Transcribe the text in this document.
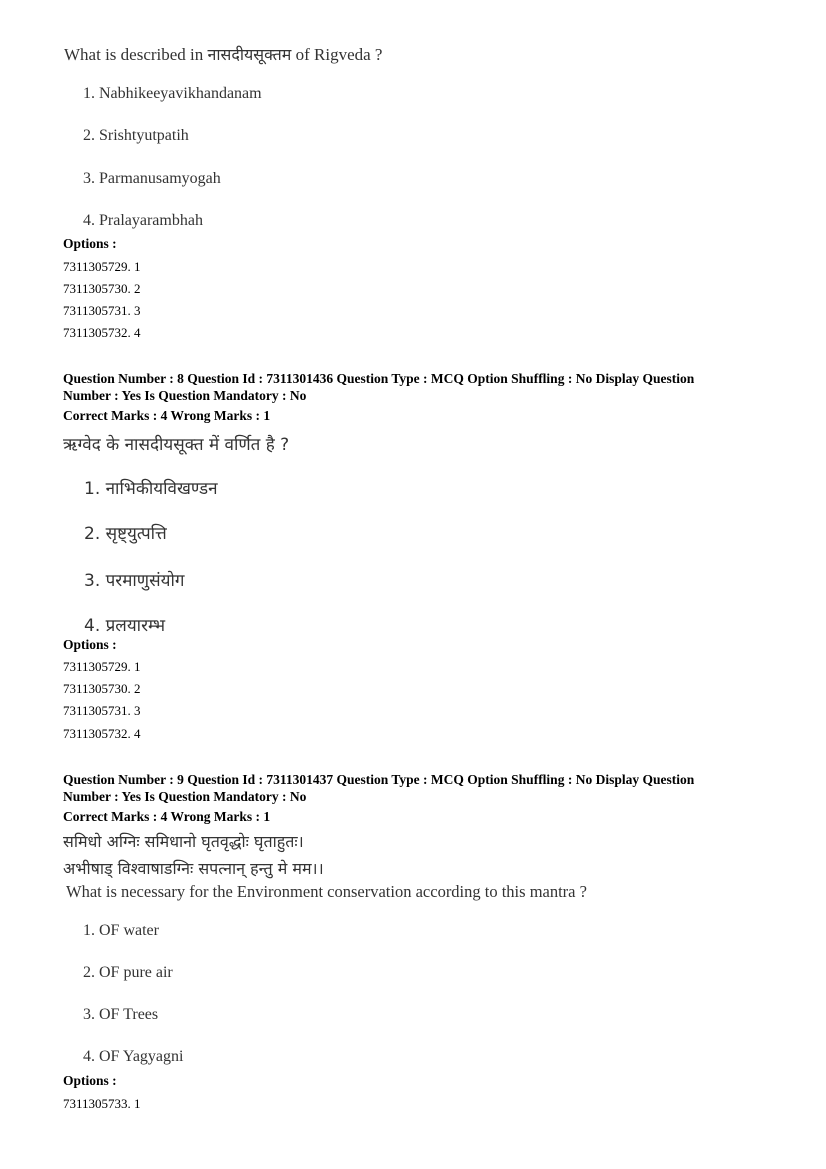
What is described in नासदीयसूक्तम of Rigveda ?
1. Nabhikeeyavikhandanam
2. Srishtyutpatih
3. Parmanusamyogah
4. Pralayarambhah
Options :
7311305729. 1
7311305730. 2
7311305731. 3
7311305732. 4
Question Number : 8 Question Id : 7311301436 Question Type : MCQ Option Shuffling : No Display Question
Number : Yes Is Question Mandatory : No
Correct Marks : 4 Wrong Marks : 1
ऋग्वेद के नासदीयसूक्त में वर्णित है ?
1. नाभिकीयविखण्डन
2. सृष्ट्युत्पत्ति
3. परमाणुसंयोग
4. प्रलयारम्भ
Options :
7311305729. 1
7311305730. 2
7311305731. 3
7311305732. 4
Question Number : 9 Question Id : 7311301437 Question Type : MCQ Option Shuffling : No Display Question
Number : Yes Is Question Mandatory : No
Correct Marks : 4 Wrong Marks : 1
समिधो अग्निः समिधानो घृतवृद्धोः घृताहुतः।
अभीषाड् विश्वाषाडग्निः सपत्नान् हन्तु मे मम।।
What is necessary for the Environment conservation according to this mantra ?
1. OF water
2. OF pure air
3. OF Trees
4. OF Yagyagni
Options :
7311305733. 1
